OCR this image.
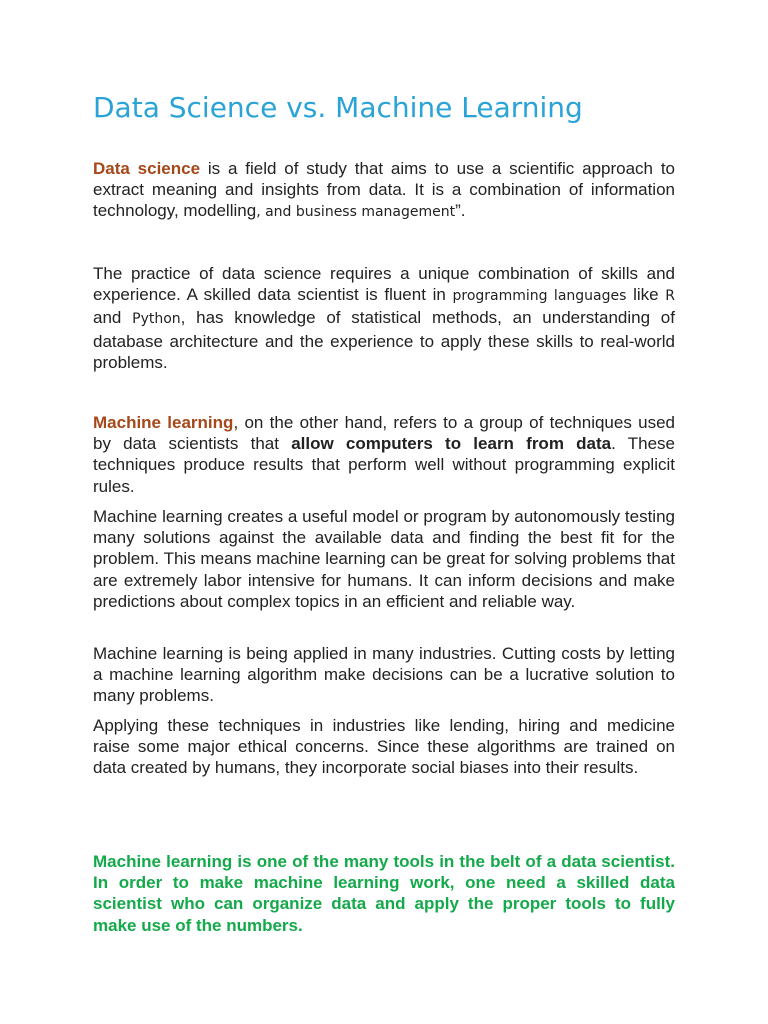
Data Science vs. Machine Learning

Data science is a field of study that aims to use a scientific approach to extract meaning and insights from data. It is a combination of information technology, modelling, and business management”.

The practice of data science requires a unique combination of skills and experience. A skilled data scientist is fluent in programming languages like R and Python, has knowledge of statistical methods, an understanding of database architecture and the experience to apply these skills to real-world problems.

Machine learning, on the other hand, refers to a group of techniques used by data scientists that allow computers to learn from data. These techniques produce results that perform well without programming explicit rules.

Machine learning creates a useful model or program by autonomously testing many solutions against the available data and finding the best fit for the problem. This means machine learning can be great for solving problems that are extremely labor intensive for humans. It can inform decisions and make predictions about complex topics in an efficient and reliable way.

Machine learning is being applied in many industries. Cutting costs by letting a machine learning algorithm make decisions can be a lucrative solution to many problems.

Applying these techniques in industries like lending, hiring and medicine raise some major ethical concerns. Since these algorithms are trained on data created by humans, they incorporate social biases into their results.

Machine learning is one of the many tools in the belt of a data scientist. In order to make machine learning work, one need a skilled data scientist who can organize data and apply the proper tools to fully make use of the numbers.
